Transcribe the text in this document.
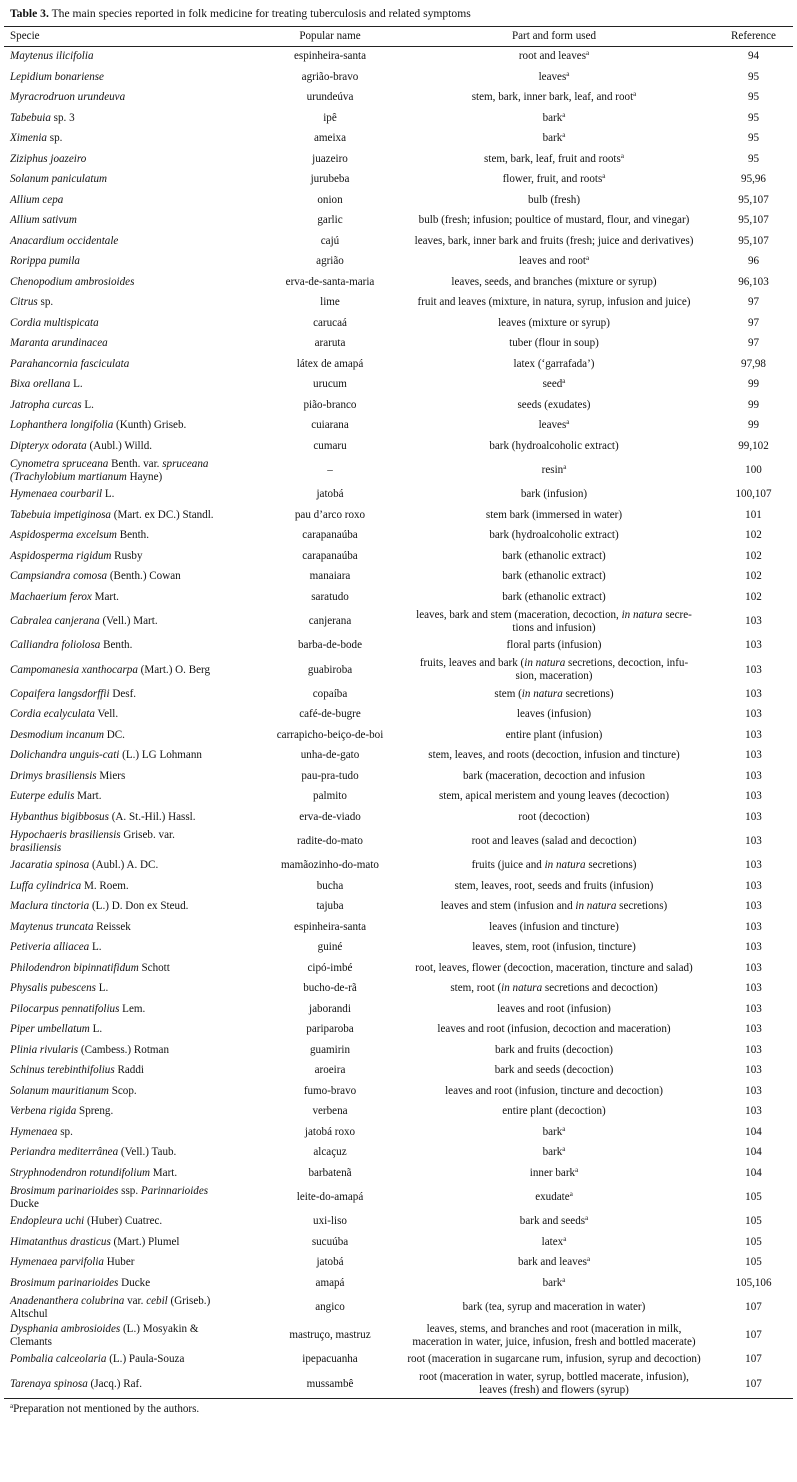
Table 3. The main species reported in folk medicine for treating tuberculosis and related symptoms
Specie	Popular name	Part and form used	Reference
Maytenus ilicifolia	espinheira-santa	root and leaves$^a$	94
Lepidium bonariense	agrião-bravo	leaves$^a$	95
Myracrodruon urundeuva	urundeúva	stem, bark, inner bark, leaf, and root$^a$	95
Tabebuia sp. 3	ipê	bark$^a$	95
Ximenia sp.	ameixa	bark$^a$	95
Ziziphus joazeiro	juazeiro	stem, bark, leaf, fruit and roots$^a$	95
Solanum paniculatum	jurubeba	flower, fruit, and roots$^a$	95,96
Allium cepa	onion	bulb (fresh)	95,107
Allium sativum	garlic	bulb (fresh; infusion; poultice of mustard, flour, and vinegar)	95,107
Anacardium occidentale	cajú	leaves, bark, inner bark and fruits (fresh; juice and derivatives)	95,107
Rorippa pumila	agrião	leaves and root$^a$	96
Chenopodium ambrosioides	erva-de-santa-maria	leaves, seeds, and branches (mixture or syrup)	96,103
Citrus sp.	lime	fruit and leaves (mixture, in natura, syrup, infusion and juice)	97
Cordia multispicata	carucaá	leaves (mixture or syrup)	97
Maranta arundinacea	araruta	tuber (flour in soup)	97
Parahancornia fasciculata	látex de amapá	latex (‘garrafada’)	97,98
Bixa orellana L.	urucum	seed$^a$	99
Jatropha curcas L.	pião-branco	seeds (exudates)	99
Lophanthera longifolia (Kunth) Griseb.	cuiarana	leaves$^a$	99
Dipteryx odorata (Aubl.) Willd.	cumaru	bark (hydroalcoholic extract)	99,102
Cynometra spruceana Benth. var. spruceana
(Trachylobium martianum Hayne)	–	resin$^a$	100
Hymenaea courbaril L.	jatobá	bark (infusion)	100,107
Tabebuia impetiginosa (Mart. ex DC.) Standl.	pau d’arco roxo	stem bark (immersed in water)	101
Aspidosperma excelsum Benth.	carapanaúba	bark (hydroalcoholic extract)	102
Aspidosperma rigidum Rusby	carapanaúba	bark (ethanolic extract)	102
Campsiandra comosa (Benth.) Cowan	manaiara	bark (ethanolic extract)	102
Machaerium ferox Mart.	saratudo	bark (ethanolic extract)	102
Cabralea canjerana (Vell.) Mart.	canjerana	leaves, bark and stem (maceration, decoction, in natura secre-
tions and infusion)	103
Calliandra foliolosa Benth.	barba-de-bode	floral parts (infusion)	103
Campomanesia xanthocarpa (Mart.) O. Berg	guabiroba	fruits, leaves and bark (in natura secretions, decoction, infu-
sion, maceration)	103
Copaifera langsdorffii Desf.	copaíba	stem (in natura secretions)	103
Cordia ecalyculata Vell.	café-de-bugre	leaves (infusion)	103
Desmodium incanum DC.	carrapicho-beiço-de-boi	entire plant (infusion)	103
Dolichandra unguis-cati (L.) LG Lohmann	unha-de-gato	stem, leaves, and roots (decoction, infusion and tincture)	103
Drimys brasiliensis Miers	pau-pra-tudo	bark (maceration, decoction and infusion	103
Euterpe edulis Mart.	palmito	stem, apical meristem and young leaves (decoction)	103
Hybanthus bigibbosus (A. St.-Hil.) Hassl.	erva-de-viado	root (decoction)	103
Hypochaeris brasiliensis Griseb. var.
brasiliensis	radite-do-mato	root and leaves (salad and decoction)	103
Jacaratia spinosa (Aubl.) A. DC.	mamãozinho-do-mato	fruits (juice and in natura secretions)	103
Luffa cylindrica M. Roem.	bucha	stem, leaves, root, seeds and fruits (infusion)	103
Maclura tinctoria (L.) D. Don ex Steud.	tajuba	leaves and stem (infusion and in natura secretions)	103
Maytenus truncata Reissek	espinheira-santa	leaves (infusion and tincture)	103
Petiveria alliacea L.	guiné	leaves, stem, root (infusion, tincture)	103
Philodendron bipinnatifidum Schott	cipó-imbé	root, leaves, flower (decoction, maceration, tincture and salad)	103
Physalis pubescens L.	bucho-de-rã	stem, root (in natura secretions and decoction)	103
Pilocarpus pennatifolius Lem.	jaborandi	leaves and root (infusion)	103
Piper umbellatum L.	pariparoba	leaves and root (infusion, decoction and maceration)	103
Plinia rivularis (Cambess.) Rotman	guamirin	bark and fruits (decoction)	103
Schinus terebinthifolius Raddi	aroeira	bark and seeds (decoction)	103
Solanum mauritianum Scop.	fumo-bravo	leaves and root (infusion, tincture and decoction)	103
Verbena rigida Spreng.	verbena	entire plant (decoction)	103
Hymenaea sp.	jatobá roxo	bark$^a$	104
Periandra mediterrânea (Vell.) Taub.	alcaçuz	bark$^a$	104
Stryphnodendron rotundifolium Mart.	barbatenã	inner bark$^a$	104
Brosimum parinarioides ssp. Parinnarioides
Ducke	leite-do-amapá	exudate$^a$	105
Endopleura uchi (Huber) Cuatrec.	uxi-liso	bark and seeds$^a$	105
Himatanthus drasticus (Mart.) Plumel	sucuúba	latex$^a$	105
Hymenaea parvifolia Huber	jatobá	bark and leaves$^a$	105
Brosimum parinarioides Ducke	amapá	bark$^a$	105,106
Anadenanthera colubrina var. cebil (Griseb.)
Altschul	angico	bark (tea, syrup and maceration in water)	107
Dysphania ambrosioides (L.) Mosyakin &
Clemants	mastruço, mastruz	leaves, stems, and branches and root (maceration in milk,
maceration in water, juice, infusion, fresh and bottled macerate)	107
Pombalia calceolaria (L.) Paula-Souza	ipepacuanha	root (maceration in sugarcane rum, infusion, syrup and decoction)	107
Tarenaya spinosa (Jacq.) Raf.	mussambê	root (maceration in water, syrup, bottled macerate, infusion),
leaves (fresh) and flowers (syrup)	107
$^a$Preparation not mentioned by the authors.
